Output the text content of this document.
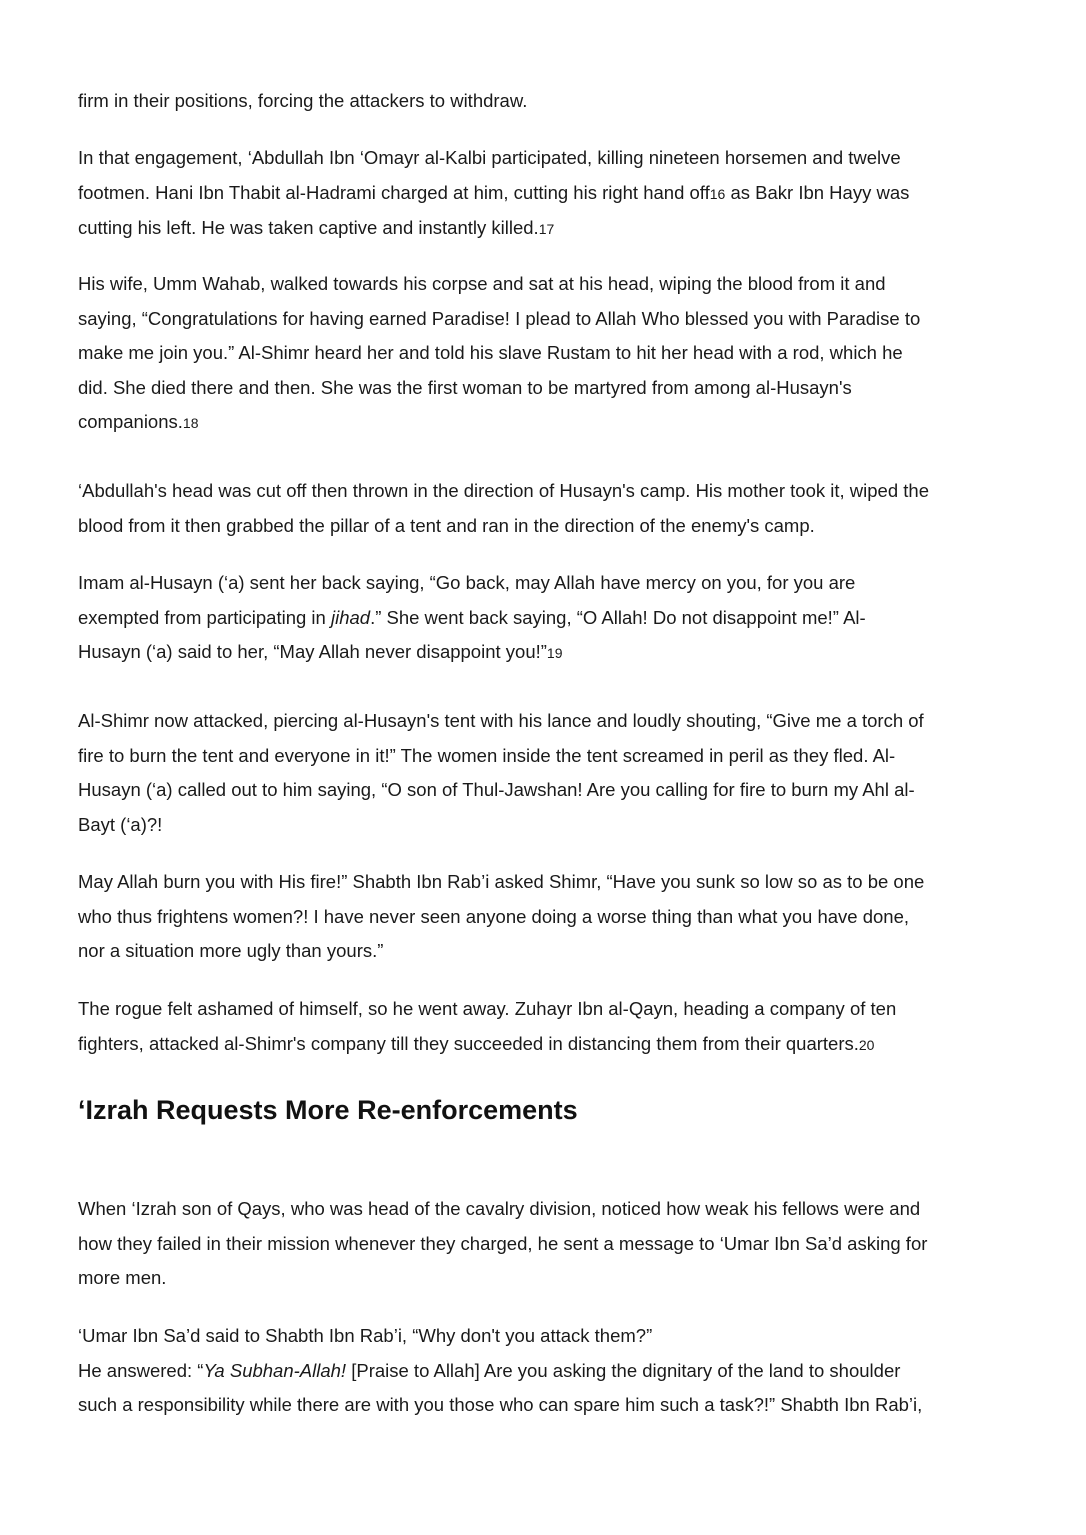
firm in their positions, forcing the attackers to withdraw.

In that engagement, ‘Abdullah Ibn ‘Omayr al-Kalbi participated, killing nineteen horsemen and twelve
footmen. Hani Ibn Thabit al-Hadrami charged at him, cutting his right hand off16 as Bakr Ibn Hayy was
cutting his left. He was taken captive and instantly killed.17

His wife, Umm Wahab, walked towards his corpse and sat at his head, wiping the blood from it and
saying, “Congratulations for having earned Paradise! I plead to Allah Who blessed you with Paradise to
make me join you.” Al-Shimr heard her and told his slave Rustam to hit her head with a rod, which he
did. She died there and then. She was the first woman to be martyred from among al-Husayn's
companions.18

‘Abdullah's head was cut off then thrown in the direction of Husayn's camp. His mother took it, wiped the
blood from it then grabbed the pillar of a tent and ran in the direction of the enemy's camp.

Imam al-Husayn (‘a) sent her back saying, “Go back, may Allah have mercy on you, for you are
exempted from participating in jihad.” She went back saying, “O Allah! Do not disappoint me!” Al-
Husayn (‘a) said to her, “May Allah never disappoint you!”19

Al-Shimr now attacked, piercing al-Husayn's tent with his lance and loudly shouting, “Give me a torch of
fire to burn the tent and everyone in it!” The women inside the tent screamed in peril as they fled. Al-
Husayn (‘a) called out to him saying, “O son of Thul-Jawshan! Are you calling for fire to burn my Ahl al-
Bayt (‘a)?!

May Allah burn you with His fire!” Shabth Ibn Rab’i asked Shimr, “Have you sunk so low so as to be one
who thus frightens women?! I have never seen anyone doing a worse thing than what you have done,
nor a situation more ugly than yours.”

The rogue felt ashamed of himself, so he went away. Zuhayr Ibn al-Qayn, heading a company of ten
fighters, attacked al-Shimr's company till they succeeded in distancing them from their quarters.20

‘Izrah Requests More Re-enforcements

When ‘Izrah son of Qays, who was head of the cavalry division, noticed how weak his fellows were and
how they failed in their mission whenever they charged, he sent a message to ‘Umar Ibn Sa’d asking for
more men.

‘Umar Ibn Sa’d said to Shabth Ibn Rab’i, “Why don't you attack them?”
He answered: “Ya Subhan-Allah! [Praise to Allah] Are you asking the dignitary of the land to shoulder
such a responsibility while there are with you those who can spare him such a task?!” Shabth Ibn Rab’i,
